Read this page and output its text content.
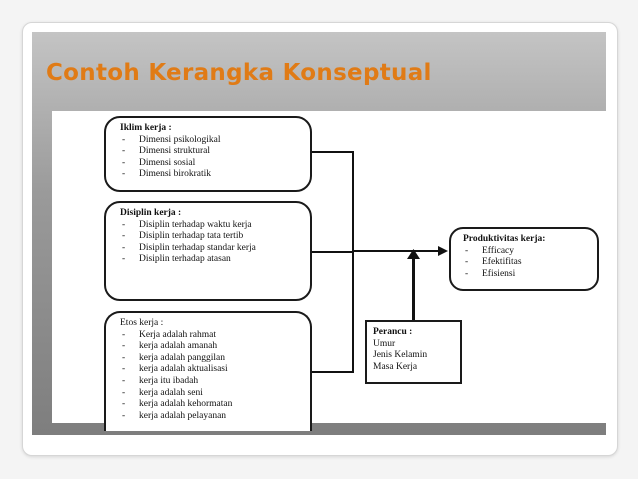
Contoh Kerangka Konseptual
Iklim kerja :
- Dimensi psikologikal
- Dimensi struktural
- Dimensi sosial
- Dimensi birokratik
Disiplin kerja :
- Disiplin terhadap waktu kerja
- Disiplin terhadap tata tertib
- Disiplin terhadap standar kerja
- Disiplin terhadap atasan
Etos kerja :
- Kerja adalah rahmat
- kerja adalah amanah
- kerja adalah panggilan
- kerja adalah aktualisasi
- kerja itu ibadah
- kerja adalah seni
- kerja adalah kehormatan
- kerja adalah pelayanan
Produktivitas kerja:
- Efficacy
- Efektifitas
- Efisiensi
Perancu :
Umur
Jenis Kelamin
Masa Kerja
